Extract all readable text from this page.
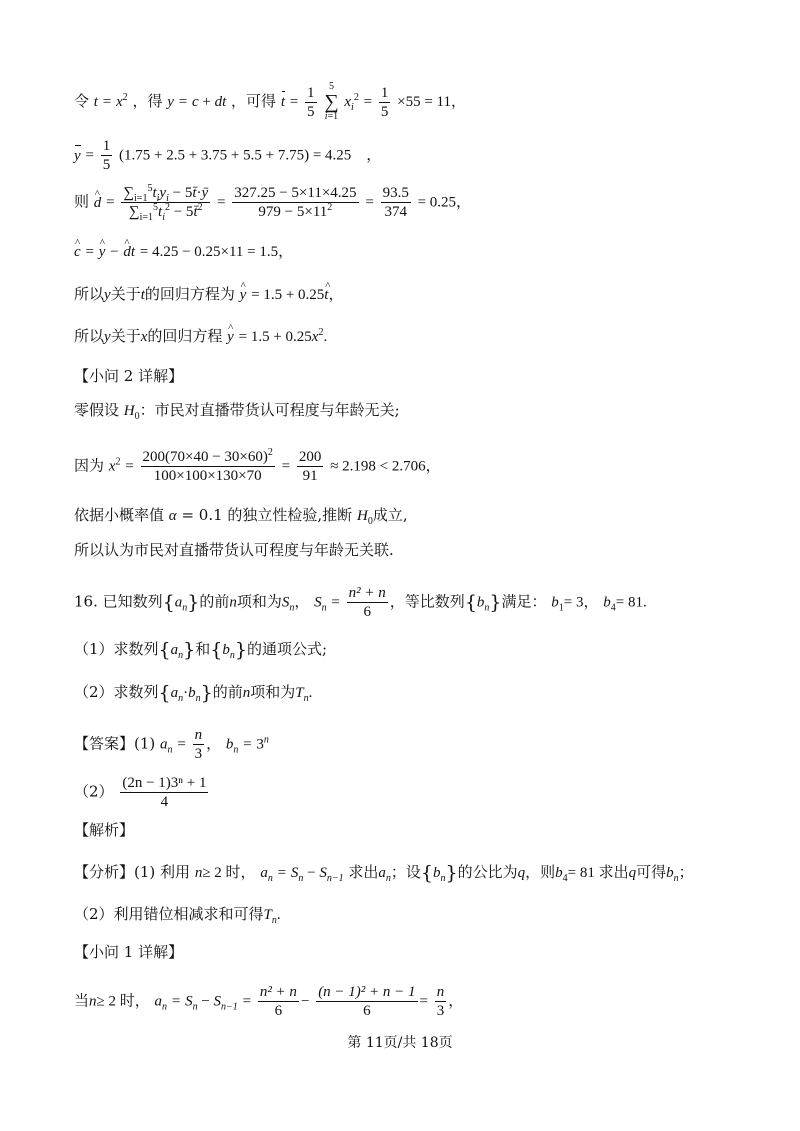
令 $t = x^2$ ，得 y = c + dt ，可得 $t = \frac{1}{5} 5$
∑
i=1 $x_i^2 = \frac{1}{5} \times 55 = 11$，
$y = \frac{1}{5} (1.75 + 2.5 + 3.75 + 5.5 + 7.75) = 4.25$　，
则 ^ $d = \frac{\sum_{i=1}^5t_iy_i - 5t̄\cdot ȳ}{\sum_{i=1}^5t_i^2 - 5t̄^2} = \frac{327.25 - 5\times 11\times 4.25}{979 - 5\times 11^2} = \frac{93.5}{374} = 0.25$，
^ c = ^ y − ^ dt = 4.25 − 0.25×11 = 1.5，
所以y关于t的回归方程为 ^ y = 1.5 + 0.25^ t，
所以y关于x的回归方程 ^ $y = 1.5 + 0.25x^2$.
【小问 2 详解】
零假设 $H_0$：市民对直播带货认可程度与年龄无关;
因为 $x^2 = \frac{200(70\times 40 - 30\times 60)^2}{100\times 100\times 130\times 70} = \frac{200}{91} \approx 2.198 < 2.706$，
依据小概率值 α = 0.1 的独立性检验,推断 $H_0$成立,
所以认为市民对直播带货认可程度与年龄无关联.
16. 已知数列$\{a_n\}$的前n项和为$S_n$， $S_n = \frac{\text{n² + n}}{6}$ ，等比数列$\{b_n\}$满足： $b_1= 3$， $b_4= 81$.
（1）求数列$\{a_n\}$和$\{b_n\}$的通项公式;
（2）求数列$\{a_n\cdot b_n\}$的前n项和为$T_n$.
【答案】(1) $a_n = \frac{n}{3}$ ， $b_n = 3^n$
$(2) \frac{\text{(2n − 1)3ⁿ + 1}}{4}$
【解析】
【分析】(1) 利用 n≥ 2 时， $a_n = S_n - S_{n-1}$ 求出$a_n$；设$\{b_n\}$的公比为q，则$b_4= 81$ 求出q可得$b_n$；
（2）利用错位相减求和可得$T_n$.
【小问 1 详解】
当n≥ 2 时， $a_n = S_n - S_{n-1} = \frac{\text{n² + n}}{6} - \frac{\text{(n − 1)² + n − 1}}{6} = \frac{n}{3}$ ，
第 11页/共 18页
